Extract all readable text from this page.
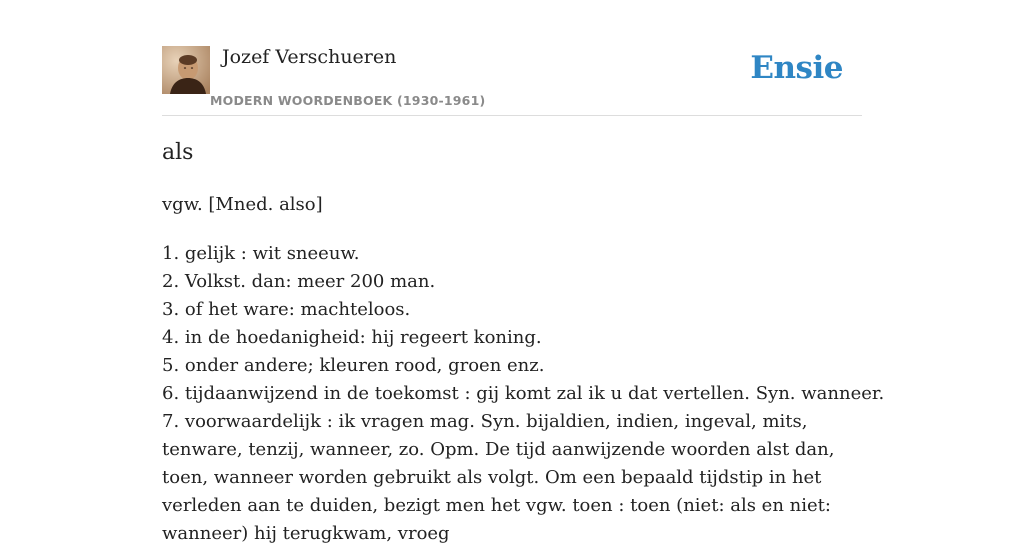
Jozef Verschueren
MODERN WOORDENBOEK (1930-1961)
Ensie
als
vgw. [Mned. also]
1. gelijk : wit sneeuw.
2. Volkst. dan: meer 200 man.
3. of het ware: machteloos.
4. in de hoedanigheid: hij regeert koning.
5. onder andere; kleuren rood, groen enz.
6. tijdaanwijzend in de toekomst : gij komt zal ik u dat vertellen. Syn. wanneer.
7. voorwaardelijk : ik vragen mag. Syn. bijaldien, indien, ingeval, mits, tenware, tenzij, wanneer, zo. Opm. De tijd aanwijzende woorden alst dan, toen, wanneer worden gebruikt als volgt. Om een bepaald tijdstip in het verleden aan te duiden, bezigt men het vgw. toen : toen (niet: als en niet: wanneer) hij terugkwam, vroeg
